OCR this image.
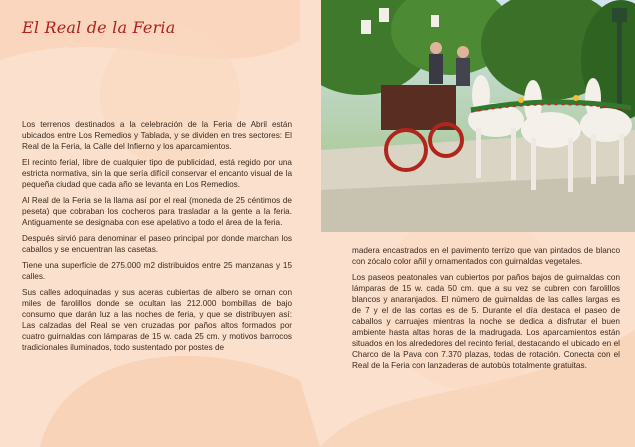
El Real de la Feria

Los terrenos destinados a la celebración de la Feria de Abril están ubicados entre Los Remedios y Tablada, y se dividen en tres sectores: El Real de la Feria, la Calle del Infierno y los aparcamientos.

El recinto ferial, libre de cualquier tipo de publicidad, está regido por una estricta normativa, sin la que sería difícil conservar el encanto visual de la pequeña ciudad que cada año se levanta en Los Remedios.

Al Real de la Feria se la llama así por el real (moneda de 25 céntimos de peseta) que cobraban los cocheros para trasladar a la gente a la feria. Antiguamente se designaba con ese apelativo a todo el área de la feria.

Después sirvió para denominar el paseo principal por donde marchan los caballos y se encuentran las casetas.

Tiene una superficie de 275.000 m2 distribuidos entre 25 manzanas y 15 calles.

Sus calles adoquinadas y sus aceras cubiertas de albero se ornan con miles de farolillos donde se ocultan las 212.000 bombillas de bajo consumo que darán luz a las noches de feria, y que se distribuyen así: Las calzadas del Real se ven cruzadas por paños altos formados por cuatro guirnaldas con lámparas de 15 w. cada 25 cm. y motivos barrocos tradicionales iluminados, todo sustentado por postes de

madera encastrados en el pavimento terrizo que van pintados de blanco con zócalo color añil y ornamentados con guirnaldas vegetales.

Los paseos peatonales van cubiertos por paños bajos de guirnaldas con lámparas de 15 w. cada 50 cm. que a su vez se cubren con farolillos blancos y anaranjados. El número de guirnaldas de las calles largas es de 7 y el de las cortas es de 5. Durante el día destaca el paseo de caballos y carruajes mientras la noche se dedica a disfrutar el buen ambiente hasta altas horas de la madrugada. Los aparcamientos están situados en los alrededores del recinto ferial, destacando el ubicado en el Charco de la Pava con 7.370 plazas, todas de rotación. Conecta con el Real de la Feria con lanzaderas de autobús totalmente gratuitas.
